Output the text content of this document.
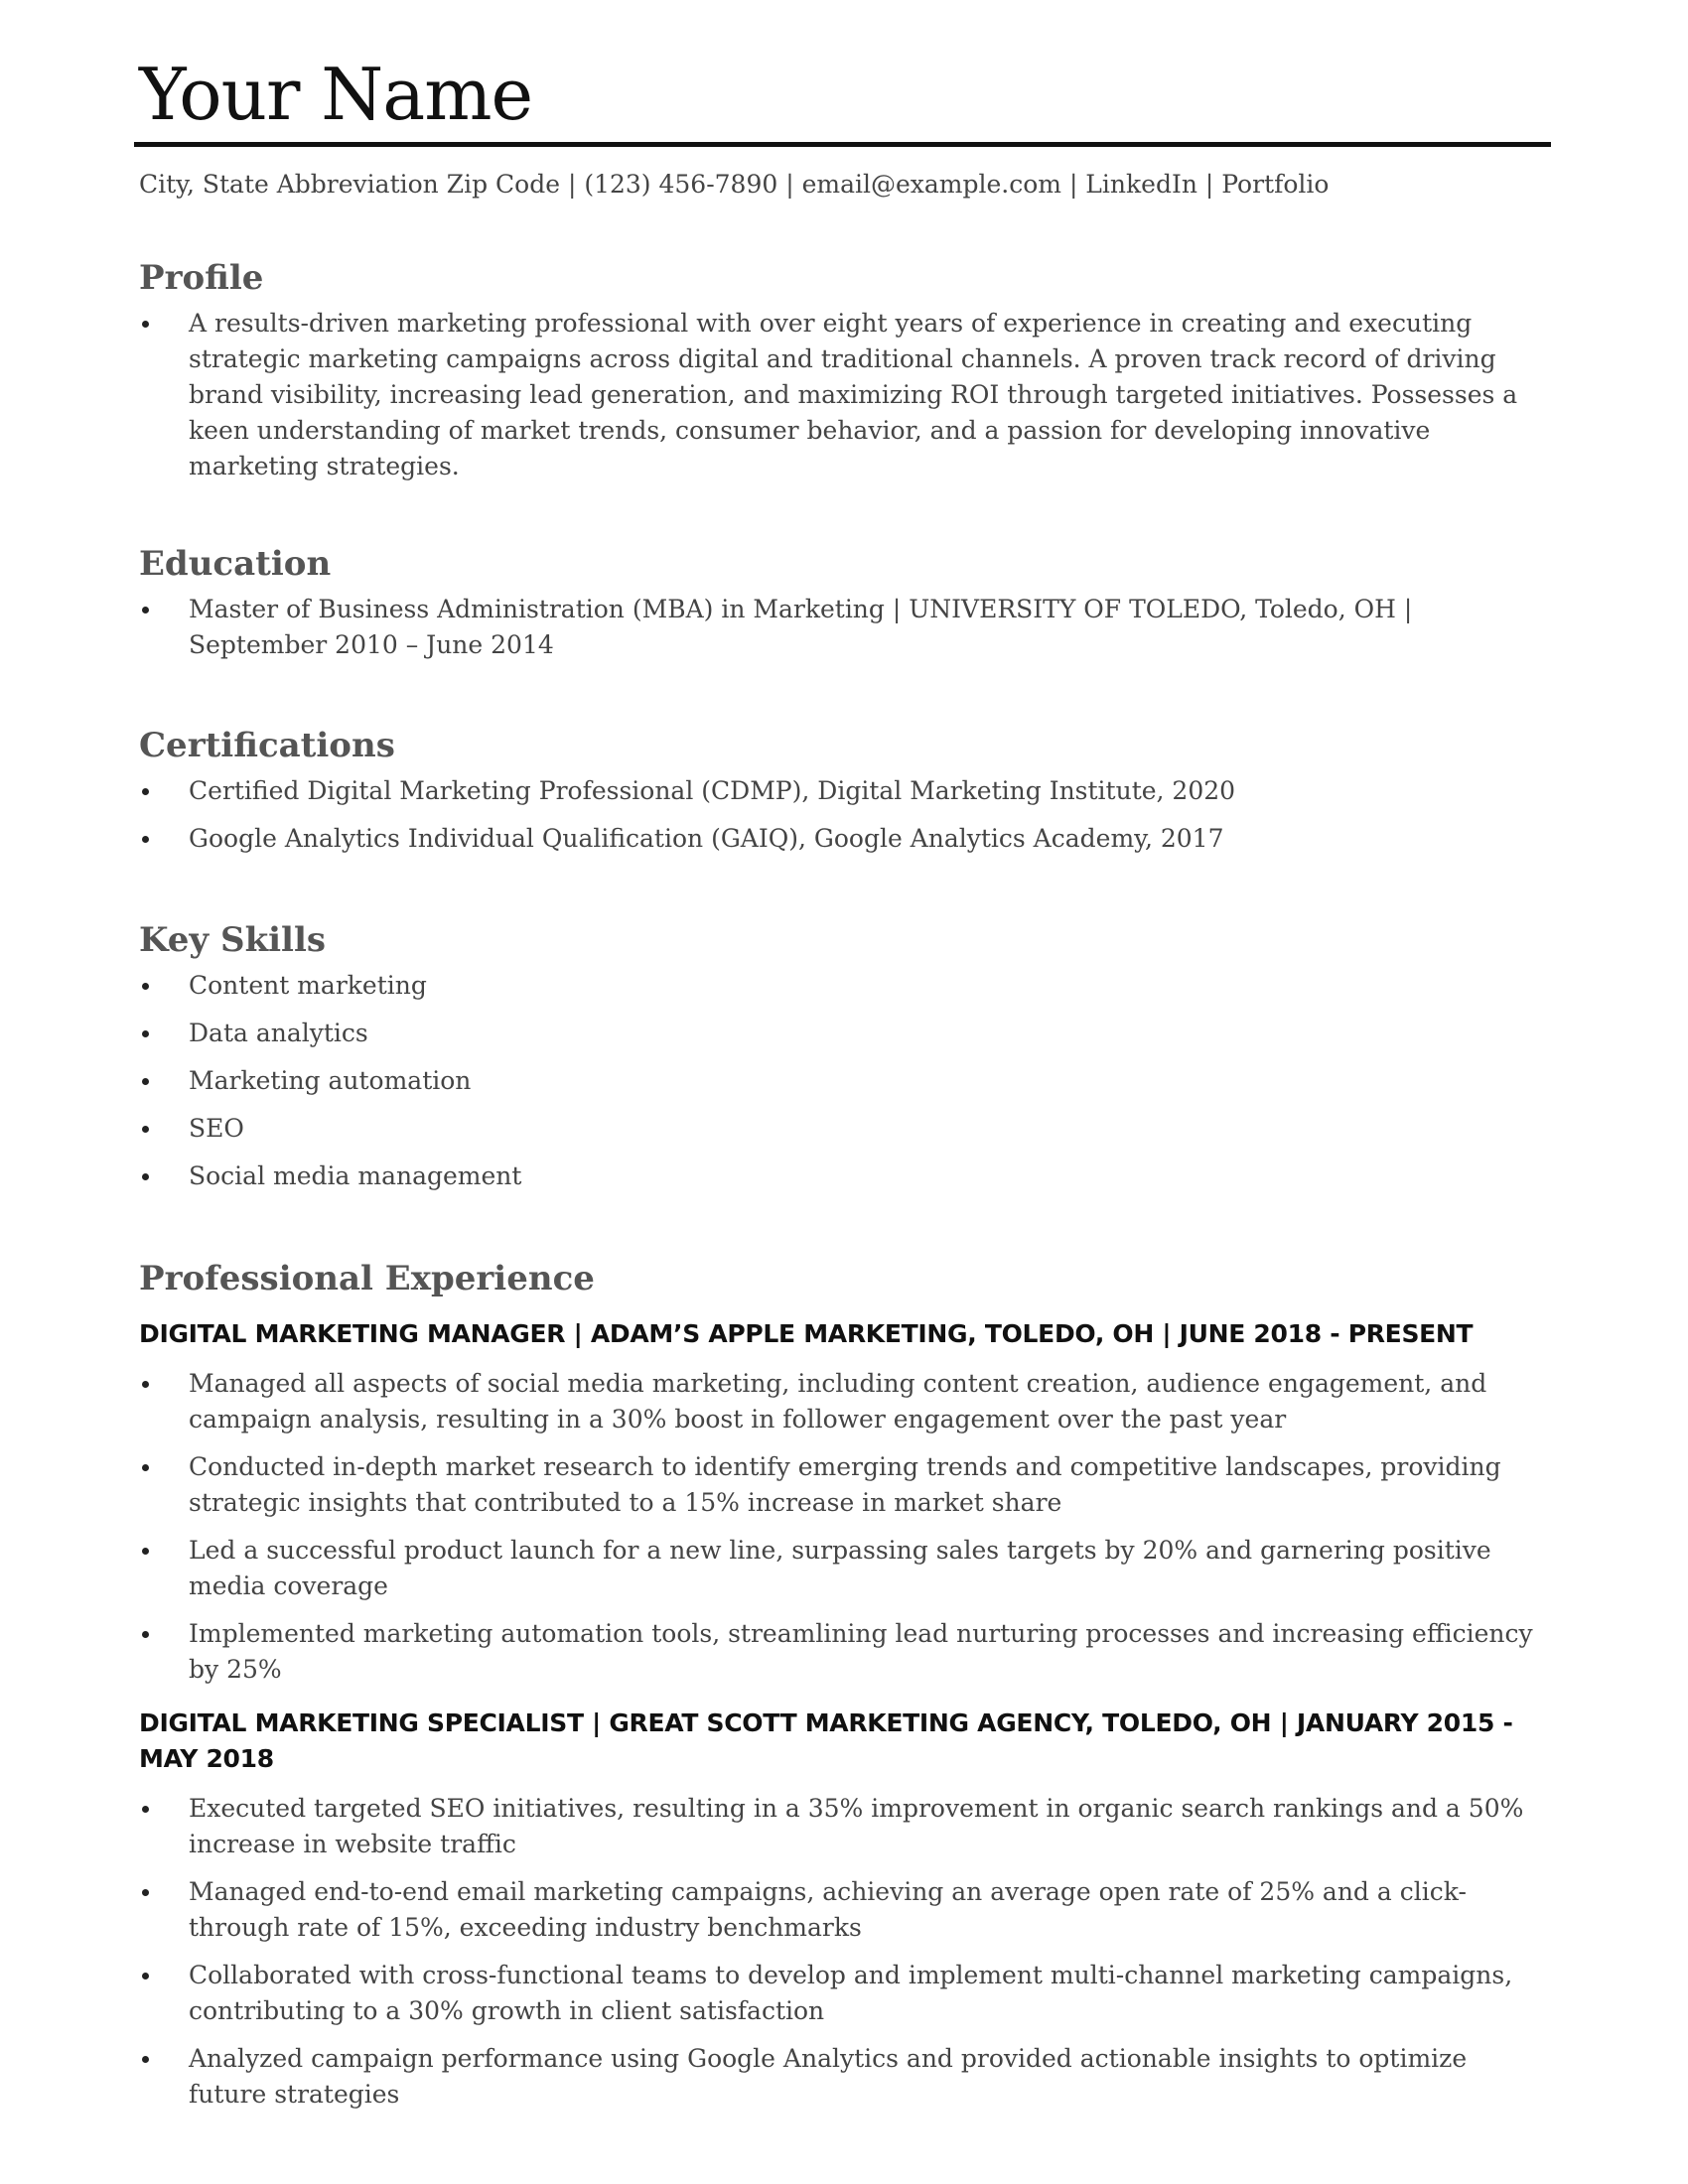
Your Name
City, State Abbreviation Zip Code | (123) 456-7890 | email@example.com | LinkedIn | Portfolio
Profile
A results-driven marketing professional with over eight years of experience in creating and executing strategic marketing campaigns across digital and traditional channels. A proven track record of driving brand visibility, increasing lead generation, and maximizing ROI through targeted initiatives. Possesses a keen understanding of market trends, consumer behavior, and a passion for developing innovative marketing strategies.
Education
Master of Business Administration (MBA) in Marketing | UNIVERSITY OF TOLEDO, Toledo, OH | September 2010 – June 2014
Certifications
Certified Digital Marketing Professional (CDMP), Digital Marketing Institute, 2020
Google Analytics Individual Qualification (GAIQ), Google Analytics Academy, 2017
Key Skills
Content marketing
Data analytics
Marketing automation
SEO
Social media management
Professional Experience
DIGITAL MARKETING MANAGER | ADAM’S APPLE MARKETING, TOLEDO, OH | JUNE 2018 - PRESENT
Managed all aspects of social media marketing, including content creation, audience engagement, and campaign analysis, resulting in a 30% boost in follower engagement over the past year
Conducted in-depth market research to identify emerging trends and competitive landscapes, providing strategic insights that contributed to a 15% increase in market share
Led a successful product launch for a new line, surpassing sales targets by 20% and garnering positive media coverage
Implemented marketing automation tools, streamlining lead nurturing processes and increasing efficiency by 25%
DIGITAL MARKETING SPECIALIST | GREAT SCOTT MARKETING AGENCY, TOLEDO, OH | JANUARY 2015 - MAY 2018
Executed targeted SEO initiatives, resulting in a 35% improvement in organic search rankings and a 50% increase in website traffic
Managed end-to-end email marketing campaigns, achieving an average open rate of 25% and a click-through rate of 15%, exceeding industry benchmarks
Collaborated with cross-functional teams to develop and implement multi-channel marketing campaigns, contributing to a 30% growth in client satisfaction
Analyzed campaign performance using Google Analytics and provided actionable insights to optimize future strategies
